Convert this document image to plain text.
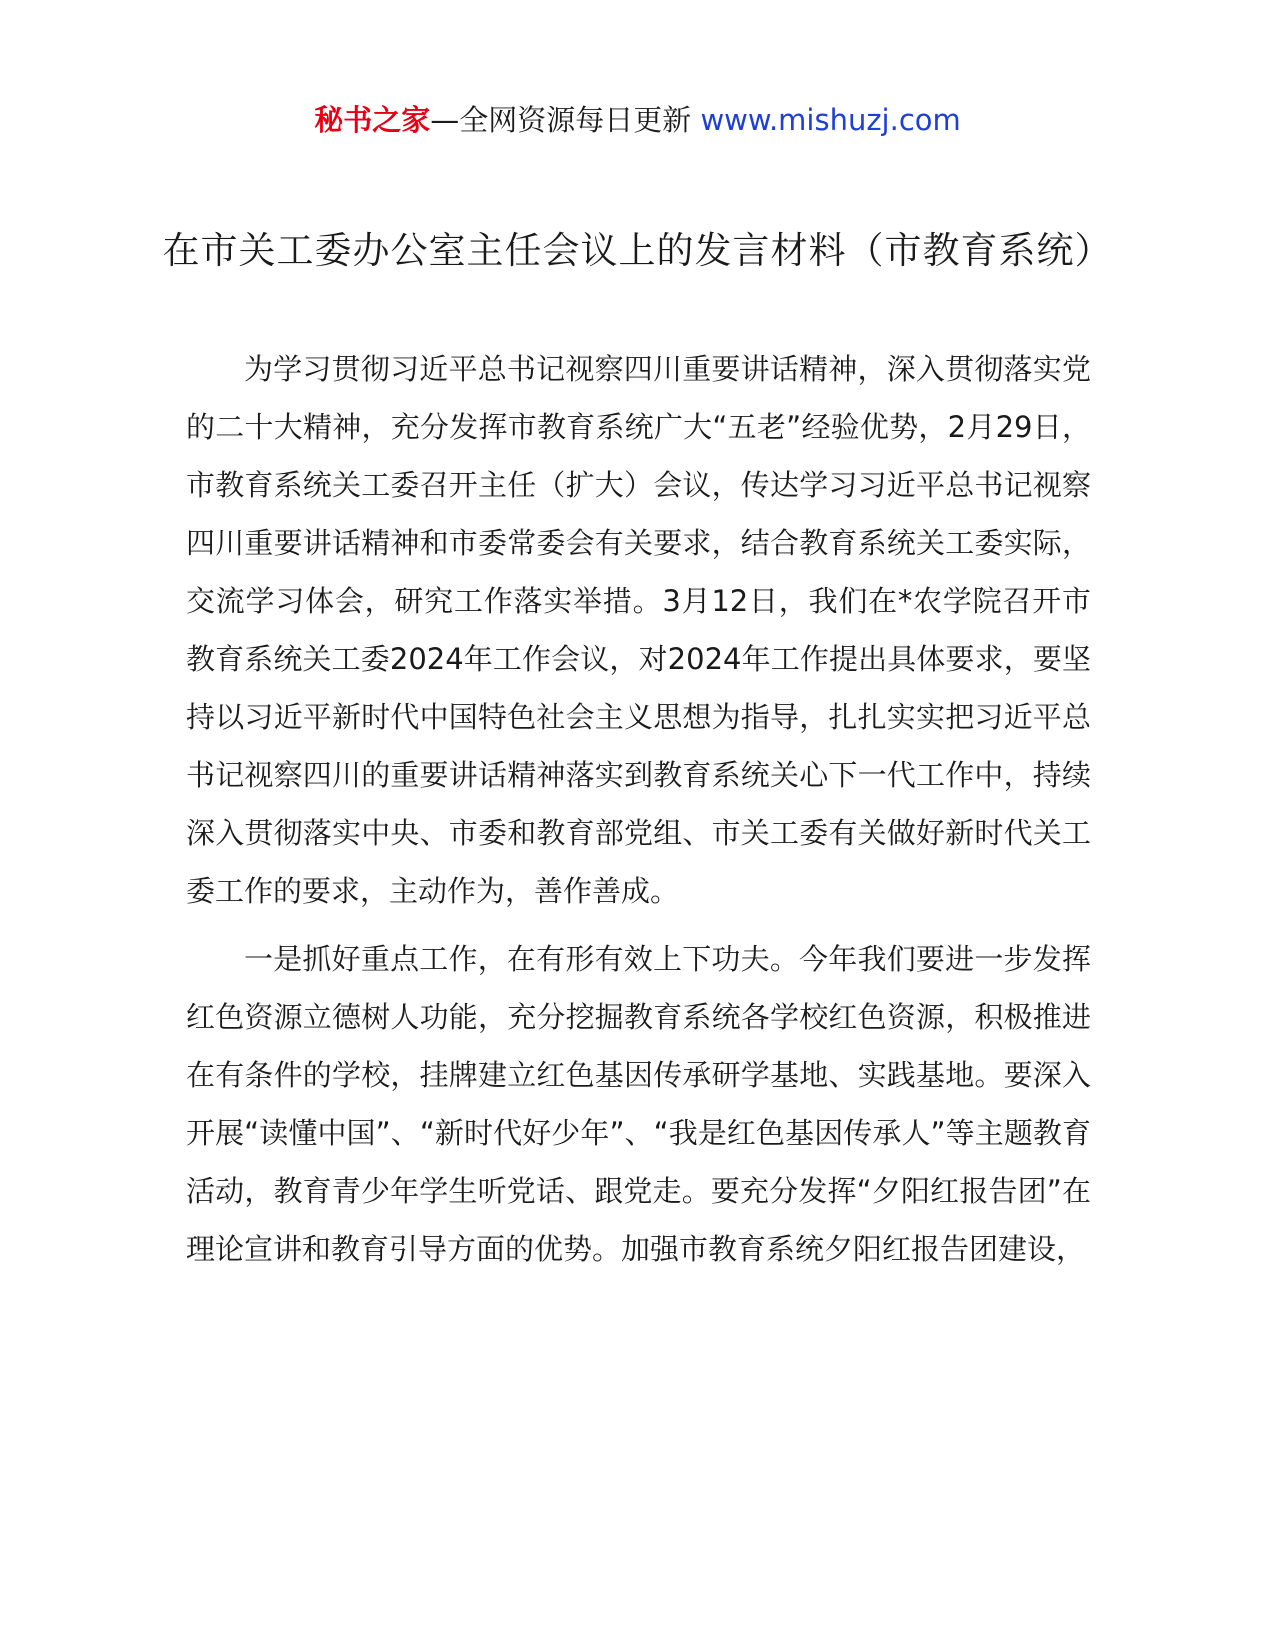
秘书之家—全网资源每日更新 www.mishuzj.com
在市关工委办公室主任会议上的发言材料（市教育系统）

为学习贯彻习近平总书记视察四川重要讲话精神，深入贯彻落实党的二十大精神，充分发挥市教育系统广大“五老”经验优势，2月29日，市教育系统关工委召开主任（扩大）会议，传达学习习近平总书记视察四川重要讲话精神和市委常委会有关要求，结合教育系统关工委实际，交流学习体会，研究工作落实举措。3月12日，我们在*农学院召开市教育系统关工委2024年工作会议，对2024年工作提出具体要求，要坚持以习近平新时代中国特色社会主义思想为指导，扎扎实实把习近平总书记视察四川的重要讲话精神落实到教育系统关心下一代工作中，持续深入贯彻落实中央、市委和教育部党组、市关工委有关做好新时代关工委工作的要求，主动作为，善作善成。

一是抓好重点工作，在有形有效上下功夫。今年我们要进一步发挥红色资源立德树人功能，充分挖掘教育系统各学校红色资源，积极推进在有条件的学校，挂牌建立红色基因传承研学基地、实践基地。要深入开展“读懂中国”、“新时代好少年”、“我是红色基因传承人”等主题教育活动，教育青少年学生听党话、跟党走。要充分发挥“夕阳红报告团”在理论宣讲和教育引导方面的优势。加强市教育系统夕阳红报告团建设，
